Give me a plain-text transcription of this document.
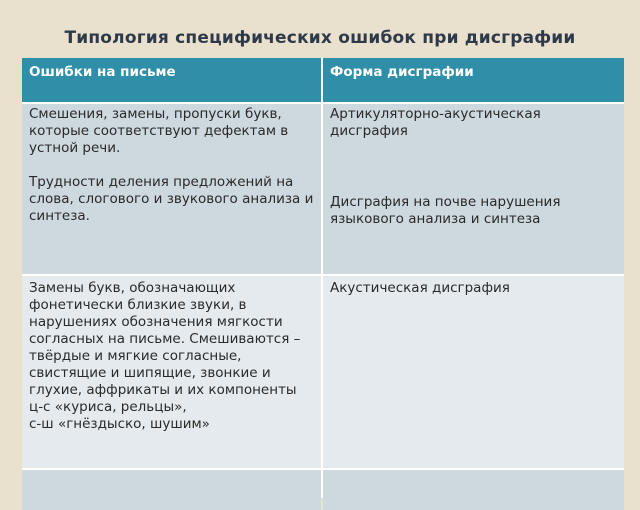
Типология специфических ошибок при дисграфии
Ошибки на письме	Форма дисграфии

Смешения, замены, пропуски букв, которые соответствуют дефектам в устной речи.

Трудности деления предложений на слова, слогового и звукового анализа и синтеза.

Артикуляторно-акустическая дисграфия

Дисграфия на почве нарушения языкового анализа и синтеза

Замены букв, обозначающих фонетически близкие звуки, в нарушениях обозначения мягкости согласных на письме. Смешиваются – твёрдые и мягкие согласные, свистящие и шипящие, звонкие и глухие, аффрикаты и их компоненты

ц-с «куриса, рельцы»,

с-ш «гнёздыско, шушим»

Акустическая дисграфия
